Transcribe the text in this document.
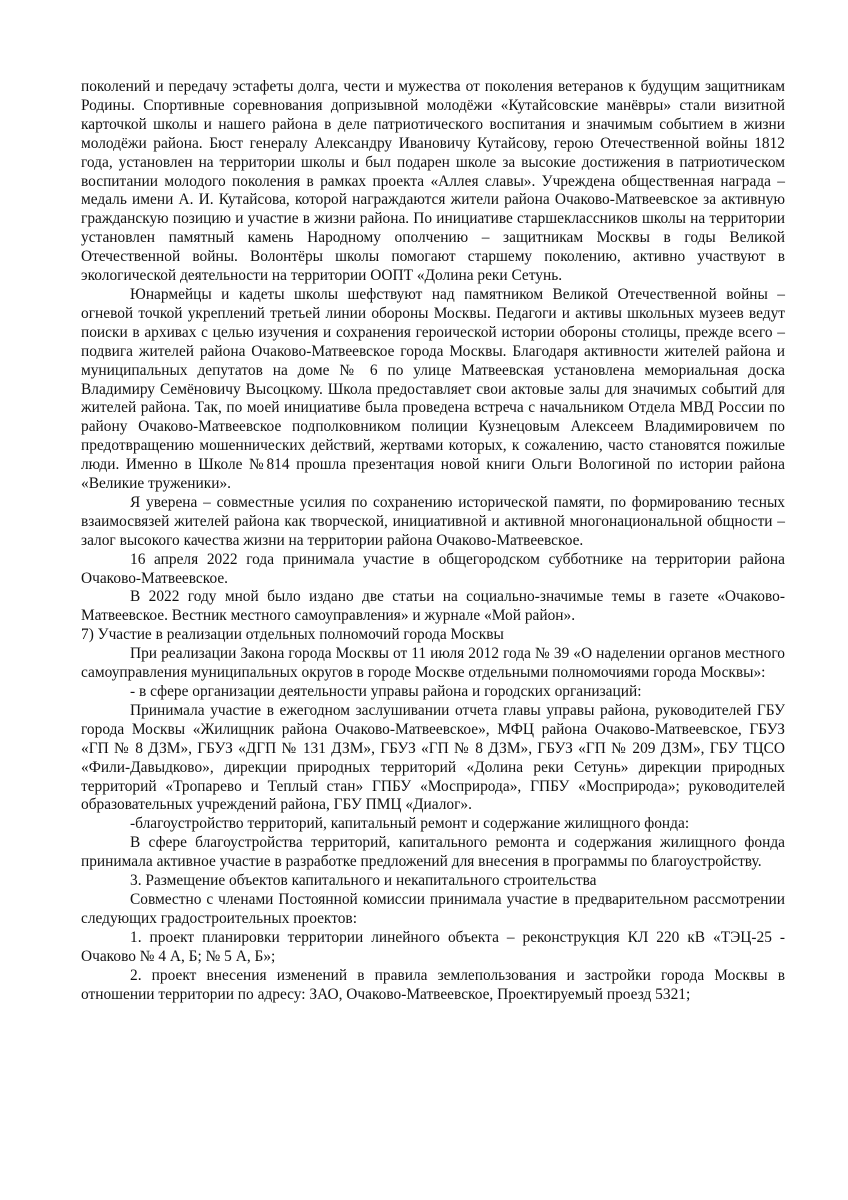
поколений и передачу эстафеты долга, чести и мужества от поколения ветеранов к будущим защитникам Родины. Спортивные соревнования допризывной молодёжи «Кутайсовские манёвры» стали визитной карточкой школы и нашего района в деле патриотического воспитания и значимым событием в жизни молодёжи района. Бюст генералу Александру Ивановичу Кутайсову, герою Отечественной войны 1812 года, установлен на территории школы и был подарен школе за высокие достижения в патриотическом воспитании молодого поколения в рамках проекта «Аллея славы». Учреждена общественная награда – медаль имени А. И. Кутайсова, которой награждаются жители района Очаково-Матвеевское за активную гражданскую позицию и участие в жизни района. По инициативе старшеклассников школы на территории установлен памятный камень Народному ополчению – защитникам Москвы в годы Великой Отечественной войны. Волонтёры школы помогают старшему поколению, активно участвуют в экологической деятельности на территории ООПТ «Долина реки Сетунь.

Юнармейцы и кадеты школы шефствуют над памятником Великой Отечественной войны – огневой точкой укреплений третьей линии обороны Москвы. Педагоги и активы школьных музеев ведут поиски в архивах с целью изучения и сохранения героической истории обороны столицы, прежде всего – подвига жителей района Очаково-Матвеевское города Москвы. Благодаря активности жителей района и муниципальных депутатов на доме № 6 по улице Матвеевская установлена мемориальная доска Владимиру Семёновичу Высоцкому. Школа предоставляет свои актовые залы для значимых событий для жителей района. Так, по моей инициативе была проведена встреча с начальником Отдела МВД России по району Очаково-Матвеевское подполковником полиции Кузнецовым Алексеем Владимировичем по предотвращению мошеннических действий, жертвами которых, к сожалению, часто становятся пожилые люди. Именно в Школе №814 прошла презентация новой книги Ольги Вологиной по истории района «Великие труженики».

Я уверена – совместные усилия по сохранению исторической памяти, по формированию тесных взаимосвязей жителей района как творческой, инициативной и активной многонациональной общности – залог высокого качества жизни на территории района Очаково-Матвеевское.

16 апреля 2022 года принимала участие в общегородском субботнике на территории района Очаково-Матвеевское.

В 2022 году мной было издано две статьи на социально-значимые темы в газете «Очаково-Матвеевское. Вестник местного самоуправления» и журнале «Мой район».

7) Участие в реализации отдельных полномочий города Москвы

При реализации Закона города Москвы от 11 июля 2012 года № 39 «О наделении органов местного самоуправления муниципальных округов в городе Москве отдельными полномочиями города Москвы»:

- в сфере организации деятельности управы района и городских организаций:

Принимала участие в ежегодном заслушивании отчета главы управы района, руководителей ГБУ города Москвы «Жилищник района Очаково-Матвеевское», МФЦ района Очаково-Матвеевское, ГБУЗ «ГП № 8 ДЗМ», ГБУЗ «ДГП № 131 ДЗМ», ГБУЗ «ГП № 8 ДЗМ», ГБУЗ «ГП № 209 ДЗМ», ГБУ ТЦСО «Фили-Давыдково», дирекции природных территорий «Долина реки Сетунь» дирекции природных территорий «Тропарево и Теплый стан» ГПБУ «Мосприрода», ГПБУ «Мосприрода»; руководителей образовательных учреждений района, ГБУ ПМЦ «Диалог».

-благоустройство территорий, капитальный ремонт и содержание жилищного фонда:

В сфере благоустройства территорий, капитального ремонта и содержания жилищного фонда принимала активное участие в разработке предложений для внесения в программы по благоустройству.

3. Размещение объектов капитального и некапитального строительства

Совместно с членами Постоянной комиссии принимала участие в предварительном рассмотрении следующих градостроительных проектов:

1. проект планировки территории линейного объекта – реконструкция КЛ 220 кВ «ТЭЦ-25 - Очаково № 4 А, Б; № 5 А, Б»;

2. проект внесения изменений в правила землепользования и застройки города Москвы в отношении территории по адресу: ЗАО, Очаково-Матвеевское, Проектируемый проезд 5321;
